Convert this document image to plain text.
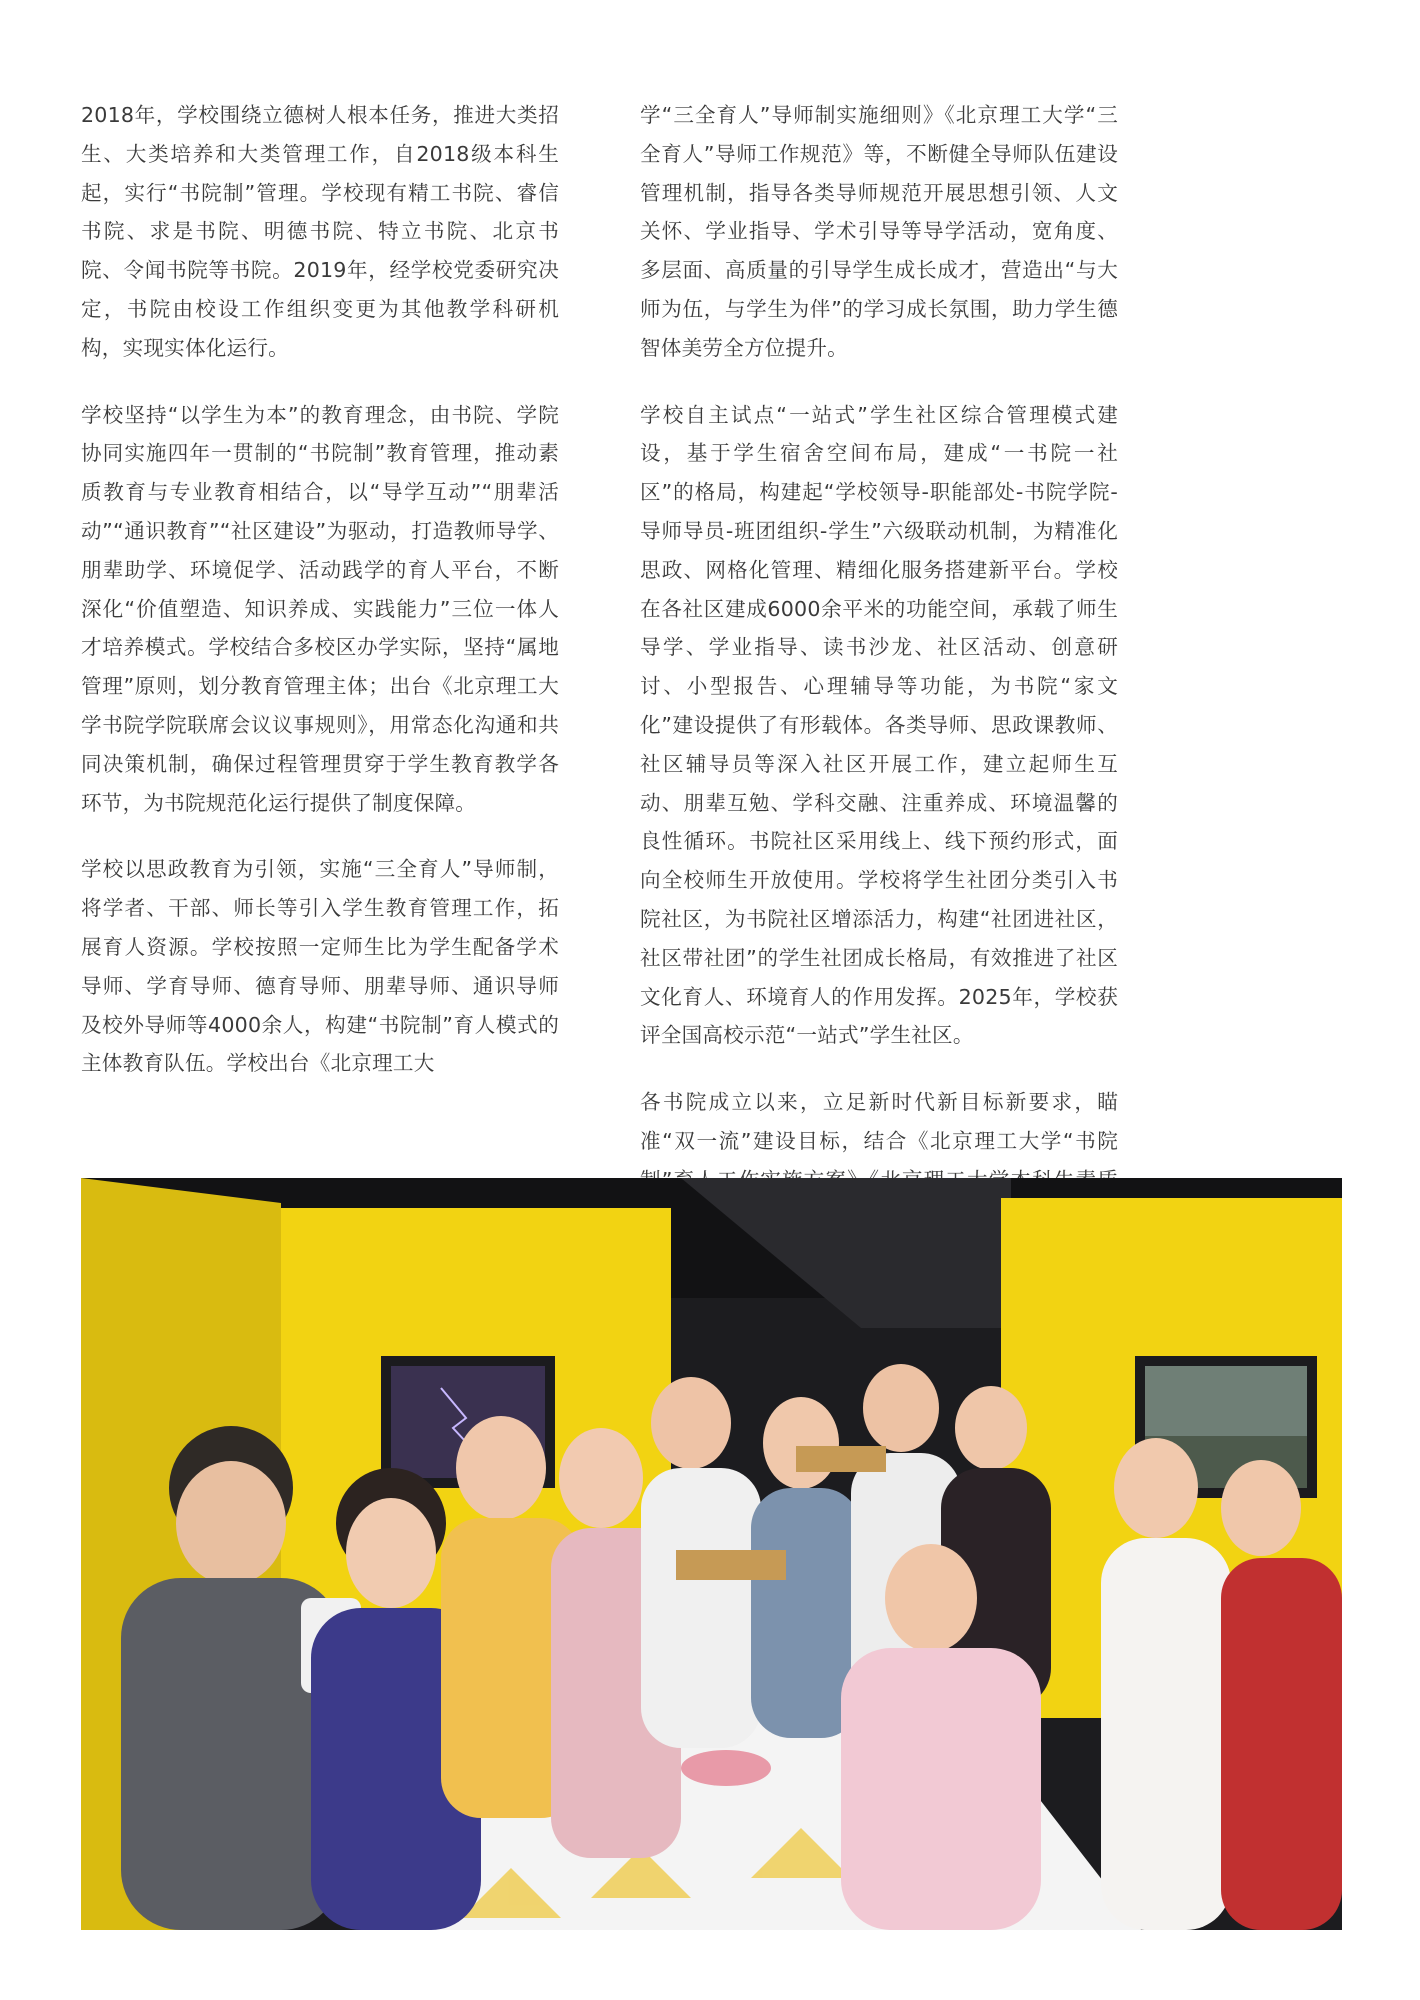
2018年，学校围绕立德树人根本任务，推进大类招生、大类培养和大类管理工作，自2018级本科生起，实行“书院制”管理。学校现有精工书院、睿信书院、求是书院、明德书院、特立书院、北京书院、令闻书院等书院。2019年，经学校党委研究决定，书院由校设工作组织变更为其他教学科研机构，实现实体化运行。

学校坚持“以学生为本”的教育理念，由书院、学院协同实施四年一贯制的“书院制”教育管理，推动素质教育与专业教育相结合，以“导学互动”“朋辈活动”“通识教育”“社区建设”为驱动，打造教师导学、朋辈助学、环境促学、活动践学的育人平台，不断深化“价值塑造、知识养成、实践能力”三位一体人才培养模式。学校结合多校区办学实际，坚持“属地管理”原则，划分教育管理主体；出台《北京理工大学书院学院联席会议议事规则》，用常态化沟通和共同决策机制，确保过程管理贯穿于学生教育教学各环节，为书院规范化运行提供了制度保障。

学校以思政教育为引领，实施“三全育人”导师制，将学者、干部、师长等引入学生教育管理工作，拓展育人资源。学校按照一定师生比为学生配备学术导师、学育导师、德育导师、朋辈导师、通识导师及校外导师等4000余人，构建“书院制”育人模式的主体教育队伍。学校出台《北京理工大

学“三全育人”导师制实施细则》《北京理工大学“三全育人”导师工作规范》等，不断健全导师队伍建设管理机制，指导各类导师规范开展思想引领、人文关怀、学业指导、学术引导等导学活动，宽角度、多层面、高质量的引导学生成长成才，营造出“与大师为伍，与学生为伴”的学习成长氛围，助力学生德智体美劳全方位提升。

学校自主试点“一站式”学生社区综合管理模式建设，基于学生宿舍空间布局，建成“一书院一社区”的格局，构建起“学校领导-职能部处-书院学院-导师导员-班团组织-学生”六级联动机制，为精准化思政、网格化管理、精细化服务搭建新平台。学校在各社区建成6000余平米的功能空间，承载了师生导学、学业指导、读书沙龙、社区活动、创意研讨、小型报告、心理辅导等功能，为书院“家文化”建设提供了有形载体。各类导师、思政课教师、社区辅导员等深入社区开展工作，建立起师生互动、朋辈互勉、学科交融、注重养成、环境温馨的良性循环。书院社区采用线上、线下预约形式，面向全校师生开放使用。学校将学生社团分类引入书院社区，为书院社区增添活力，构建“社团进社区，社区带社团”的学生社团成长格局，有效推进了社区文化育人、环境育人的作用发挥。2025年，学校获评全国高校示范“一站式”学生社区。

各书院成立以来，立足新时代新目标新要求，瞄准“双一流”建设目标，结合《北京理工大学“书院
